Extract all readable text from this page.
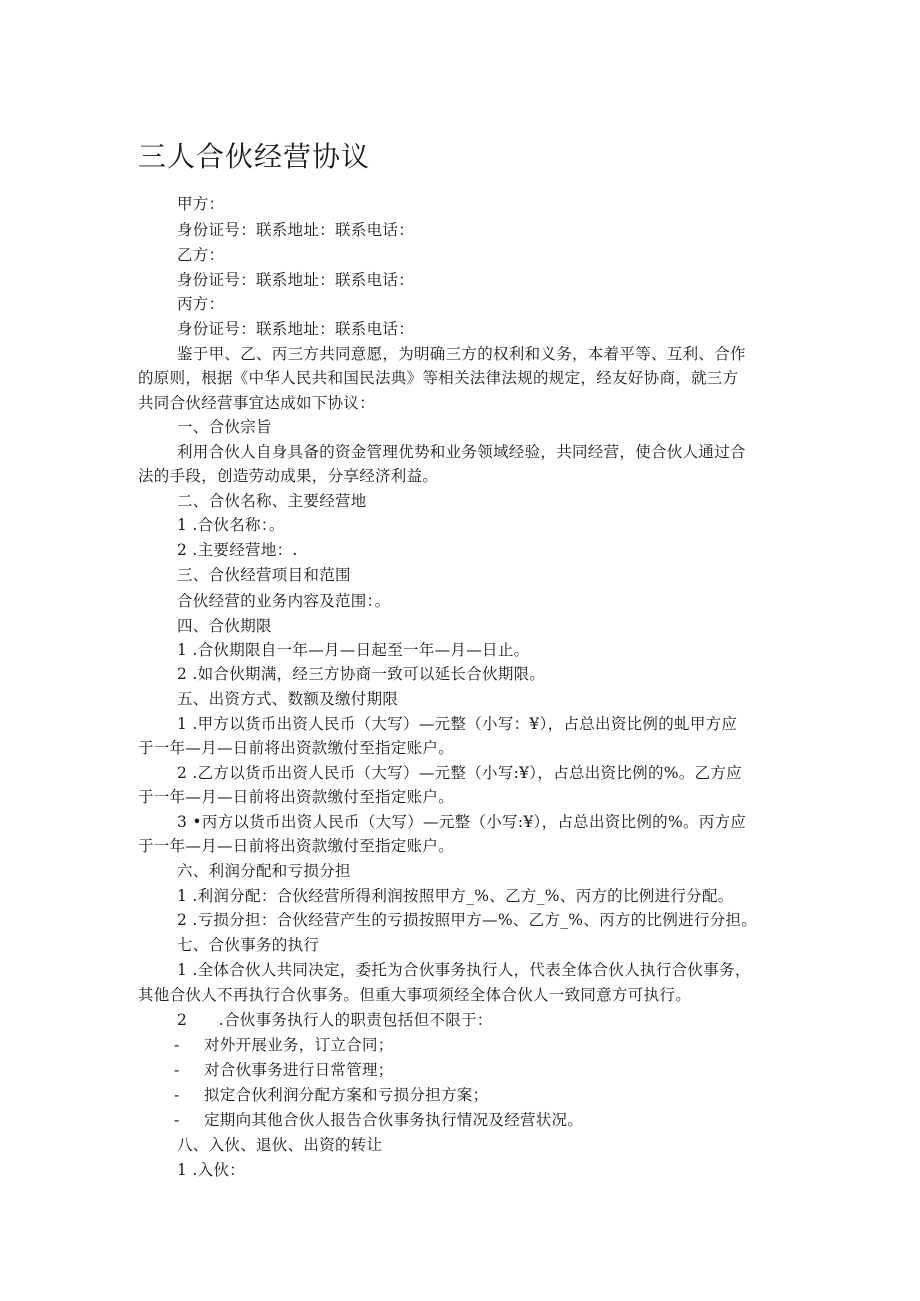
三人合伙经营协议
甲方：
身份证号：联系地址：联系电话：
乙方：
身份证号：联系地址：联系电话：
丙方：
身份证号：联系地址：联系电话：
鉴于甲、乙、丙三方共同意愿，为明确三方的权利和义务，本着平等、互利、合作
的原则，根据《中华人民共和国民法典》等相关法律法规的规定，经友好协商，就三方
共同合伙经营事宜达成如下协议：
一、合伙宗旨
利用合伙人自身具备的资金管理优势和业务领域经验，共同经营，使合伙人通过合
法的手段，创造劳动成果，分享经济利益。
二、合伙名称、主要经营地
1 .合伙名称：。
2 .主要经营地：.
三、合伙经营项目和范围
合伙经营的业务内容及范围：。
四、合伙期限
1 .合伙期限自一年—月—日起至一年—月—日止。
2 .如合伙期满，经三方协商一致可以延长合伙期限。
五、出资方式、数额及缴付期限
1 .甲方以货币出资人民币（大写）—元整（小写：¥），占总出资比例的虬甲方应
于一年—月—日前将出资款缴付至指定账户。
2 .乙方以货币出资人民币（大写）—元整（小写:¥），占总出资比例的%。乙方应
于一年—月—日前将出资款缴付至指定账户。
3 •丙方以货币出资人民币（大写）—元整（小写:¥），占总出资比例的%。丙方应
于一年—月—日前将出资款缴付至指定账户。
六、利润分配和亏损分担
1 .利润分配：合伙经营所得利润按照甲方_%、乙方_%、丙方的比例进行分配。
2 .亏损分担：合伙经营产生的亏损按照甲方—%、乙方_%、丙方的比例进行分担。
七、合伙事务的执行
1 .全体合伙人共同决定，委托为合伙事务执行人，代表全体合伙人执行合伙事务，
其他合伙人不再执行合伙事务。但重大事项须经全体合伙人一致同意方可执行。
2　　.合伙事务执行人的职责包括但不限于：
- 对外开展业务，订立合同；
- 对合伙事务进行日常管理；
- 拟定合伙利润分配方案和亏损分担方案；
- 定期向其他合伙人报告合伙事务执行情况及经营状况。
八、入伙、退伙、出资的转让
1 .入伙：
